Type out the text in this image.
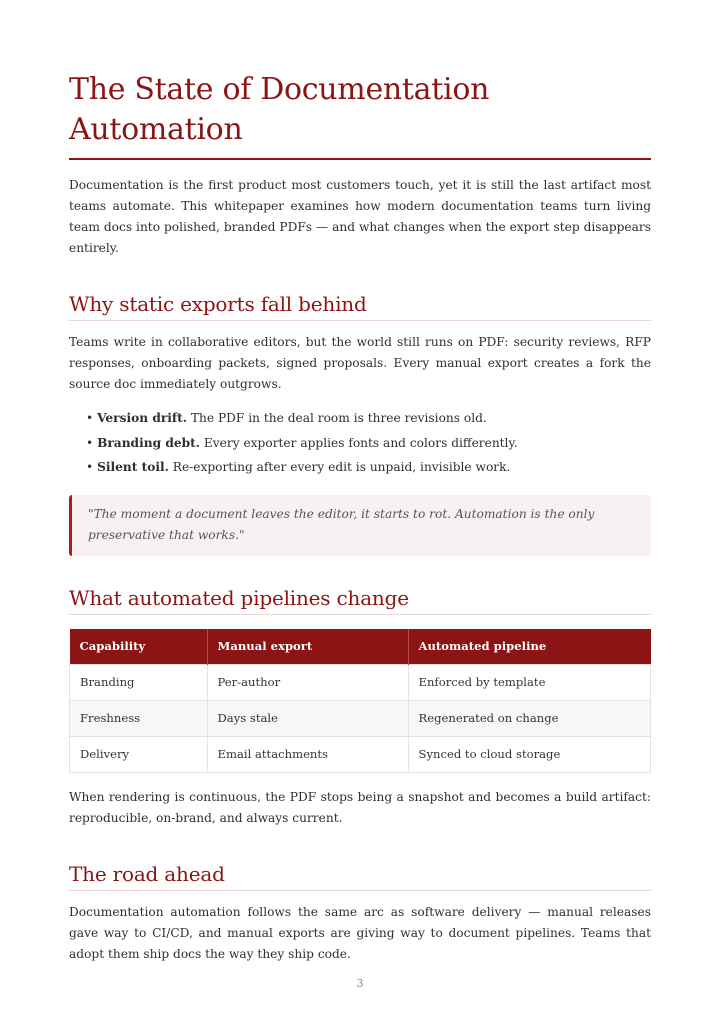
The State of Documentation Automation

Documentation is the first product most customers touch, yet it is still the last artifact most teams automate. This whitepaper examines how modern documentation teams turn living team docs into polished, branded PDFs — and what changes when the export step disappears entirely.

Why static exports fall behind

Teams write in collaborative editors, but the world still runs on PDF: security reviews, RFP responses, onboarding packets, signed proposals. Every manual export creates a fork the source doc immediately outgrows.

• Version drift. The PDF in the deal room is three revisions old.
• Branding debt. Every exporter applies fonts and colors differently.
• Silent toil. Re-exporting after every edit is unpaid, invisible work.
"The moment a document leaves the editor, it starts to rot. Automation is the only preservative that works."
What automated pipelines change
Capability	Manual export	Automated pipeline
Branding	Per-author	Enforced by template
Freshness	Days stale	Regenerated on change
Delivery	Email attachments	Synced to cloud storage

When rendering is continuous, the PDF stops being a snapshot and becomes a build artifact: reproducible, on-brand, and always current.

The road ahead

Documentation automation follows the same arc as software delivery — manual releases gave way to CI/CD, and manual exports are giving way to document pipelines. Teams that adopt them ship docs the way they ship code.

3
